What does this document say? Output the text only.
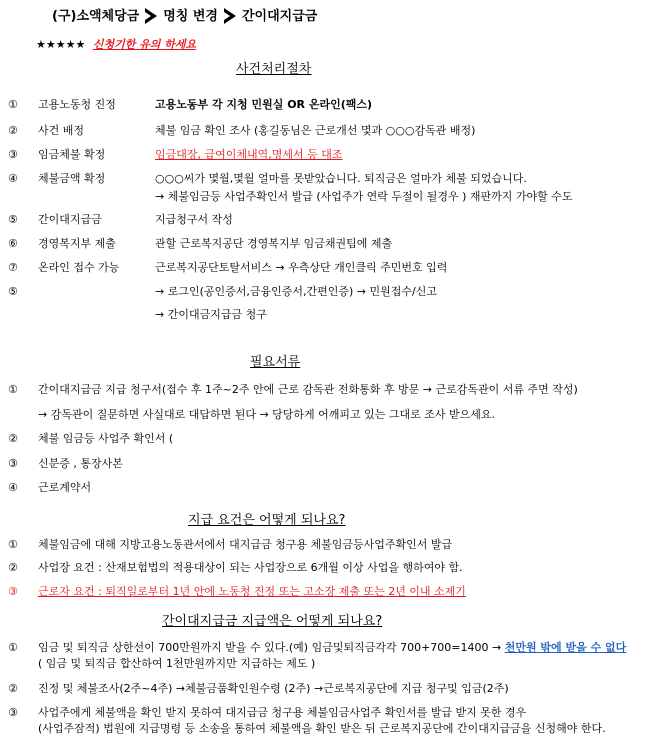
(구)소액체당금 명칭 변경 간이대지급금
★★★★★ 신청기한 유의 하세요
사건처리절차
① 고용노동청 진정	고용노동부 각 지청 민원실 OR 온라인(팩스)
② 사건 배정	체불 임금 확인 조사 (홍길동님은 근로개선 몇과 ○○○감독관 배정)
③ 임금체불 확정	임금대장, 급여이체내역,명세서 등 대조
④ 체불금액 확정	○○○씨가 몇월,몇월 얼마를 못받았습니다. 퇴직금은 얼마가 체불 되었습니다.
→ 체불임금등 사업주확인서 발급 (사업주가 연락 두절이 될경우 ) 재판까지 가야할 수도
⑤ 간이대지급금	지급청구서 작성
⑥ 경영복지부 제출	관할 근로복지공단 경영복지부 임금채권팀에 제출
⑦ 온라인 접수 가능	근로복지공단토탈서비스 → 우측상단 개인클릭 주민번호 입력
⑤	→ 로그인(공인증서,금융인증서,간편인증) → 민원접수/신고
→ 간이대금지급금 청구
필요서류
① 간이대지급금 지급 청구서(접수 후 1주~2주 안에 근로 감독관 전화통화 후 방문 → 근로감독관이 서류 주면 작성)
→ 감독관이 질문하면 사실대로 대답하면 된다 → 당당하게 어깨피고 있는 그대로 조사 받으세요.
② 체불 임금등 사업주 확인서 (
③ 신분증 , 통장사본
④ 근로계약서
지급 요건은 어떻게 되나요?
① 체불임금에 대해 지방고용노동관서에서 대지급금 청구용 체불임금등사업주확인서 발급
② 사업장 요건 : 산재보험법의 적용대상이 되는 사업장으로 6개월 이상 사업을 행하여야 함.
③ 근로자 요건 : 퇴직일로부터 1년 안에 노동청 진정 또는 고소장 제출 또는 2년 이내 소제기
간이대지급금 지급액은 어떻게 되나요?
① 임금 및 퇴직금 상한선이 700만원까지 받을 수 있다.(예) 임금및퇴직금각각 700+700=1400 → 천만원 밖에 받을 수 없다
( 임금 및 퇴직금 합산하여 1천만원까지만 지급하는 제도 )
② 진정 및 체불조사(2주~4주) →체불금품확인원수령 (2주) →근로복지공단에 지급 청구및 입금(2주)
③ 사업주에게 체불액을 확인 받지 못하여 대지급금 청구용 체불임금사업주 확인서를 발급 받지 못한 경우
(사업주잠적) 법원에 지급명령 등 소송을 통하여 체불액을 확인 받은 뒤 근로복지공단에 간이대지급금을 신청해야 한다.
